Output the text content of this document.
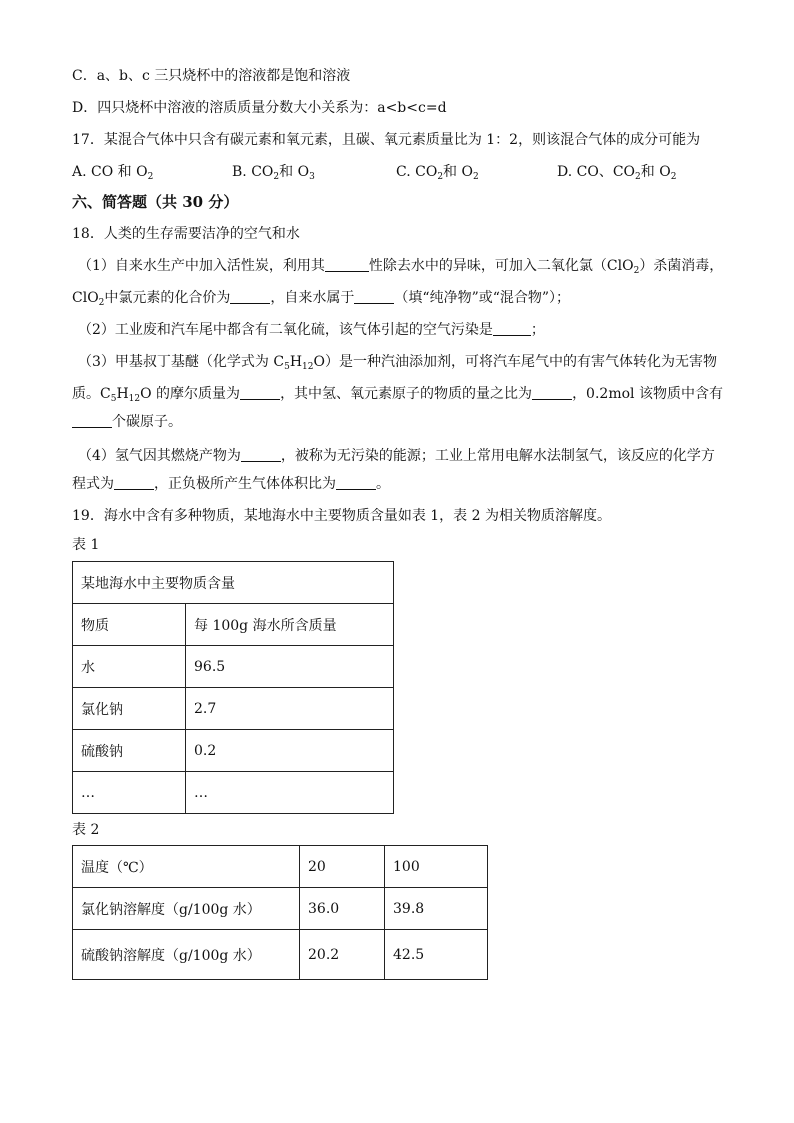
C．a、b、c 三只烧杯中的溶液都是饱和溶液
D．四只烧杯中溶液的溶质质量分数大小关系为：a<b<c=d
17．某混合气体中只含有碳元素和氧元素，且碳、氧元素质量比为 1：2，则该混合气体的成分可能为
A. CO 和 $O_2$	B. $CO_2$和 $O_3$	C. $CO_2$和 $O_2$	D. CO、$CO_2$和 $O_2$
六、简答题（共 30 分）
18．人类的生存需要洁净的空气和水
（1）自来水生产中加入活性炭，利用其	性除去水中的异味，可加入二氧化氯（ClO$_2$）杀菌消毒，
ClO$_2$中氯元素的化合价为	，自来水属于	（填“纯净物”或“混合物”）；
（2）工业废和汽车尾中都含有二氧化硫，该气体引起的空气污染是	；
（3）甲基叔丁基醚（化学式为 $C_5H_{12}O$）是一种汽油添加剂，可将汽车尾气中的有害气体转化为无害物
质。$C_5H_{12}O$ 的摩尔质量为	，其中氢、氧元素原子的物质的量之比为	，0.2mol 该物质中含有
个碳原子。
（4）氢气因其燃烧产物为	，被称为无污染的能源；工业上常用电解水法制氢气，该反应的化学方
程式为	，正负极所产生气体体积比为	。
19．海水中含有多种物质，某地海水中主要物质含量如表 1，表 2 为相关物质溶解度。
表 1
某地海水中主要物质含量	
物质	每 100g 海水所含质量
水	96.5
氯化钠	2.7
硫酸钠	0.2
…	…
表 2
温度（℃）	20	100
氯化钠溶解度（g/100g 水）	36.0	39.8
硫酸钠溶解度（g/100g 水）	20.2	42.5
